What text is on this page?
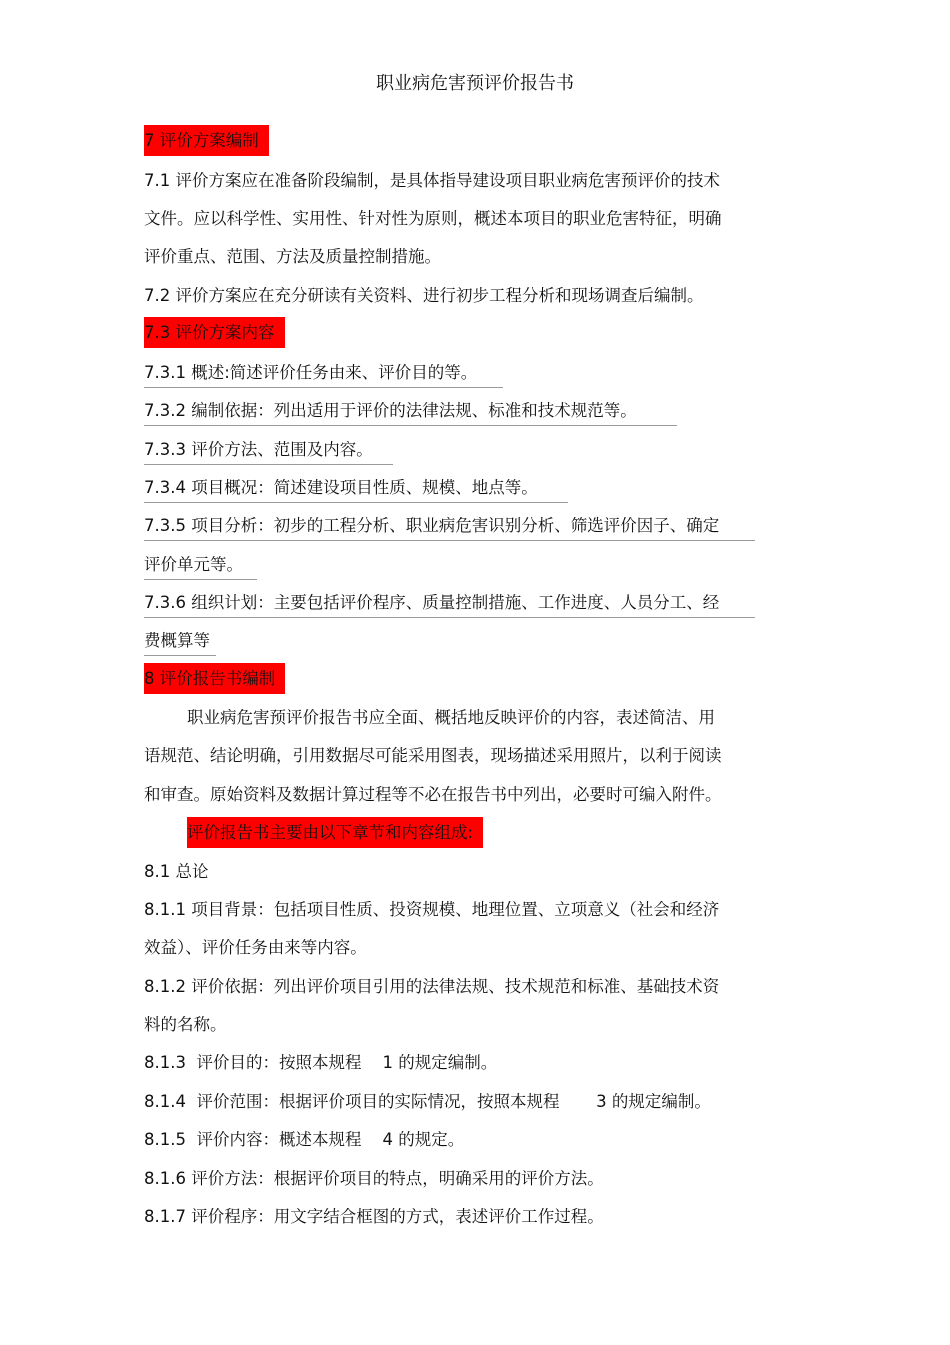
职业病危害预评价报告书
7 评价方案编制
7.1 评价方案应在准备阶段编制，是具体指导建设项目职业病危害预评价的技术
文件。应以科学性、实用性、针对性为原则，概述本项目的职业危害特征，明确
评价重点、范围、方法及质量控制措施。
7.2 评价方案应在充分研读有关资料、进行初步工程分析和现场调查后编制。
7.3 评价方案内容
7.3.1 概述:简述评价任务由来、评价目的等。
7.3.2 编制依据：列出适用于评价的法律法规、标准和技术规范等。
7.3.3 评价方法、范围及内容。
7.3.4 项目概况：简述建设项目性质、规模、地点等。
7.3.5 项目分析：初步的工程分析、职业病危害识别分析、筛选评价因子、确定
评价单元等。
7.3.6 组织计划：主要包括评价程序、质量控制措施、工作进度、人员分工、经
费概算等
8 评价报告书编制
职业病危害预评价报告书应全面、概括地反映评价的内容，表述简洁、用
语规范、结论明确，引用数据尽可能采用图表，现场描述采用照片，以利于阅读
和审查。原始资料及数据计算过程等不必在报告书中列出，必要时可编入附件。
评价报告书主要由以下章节和内容组成:
8.1 总论
8.1.1 项目背景：包括项目性质、投资规模、地理位置、立项意义（社会和经济
效益）、评价任务由来等内容。
8.1.2 评价依据：列出评价项目引用的法律法规、技术规范和标准、基础技术资
料的名称。
8.1.3  评价目的：按照本规程    1 的规定编制。
8.1.4  评价范围：根据评价项目的实际情况，按照本规程       3 的规定编制。
8.1.5  评价内容：概述本规程    4 的规定。
8.1.6 评价方法：根据评价项目的特点，明确采用的评价方法。
8.1.7 评价程序：用文字结合框图的方式，表述评价工作过程。
